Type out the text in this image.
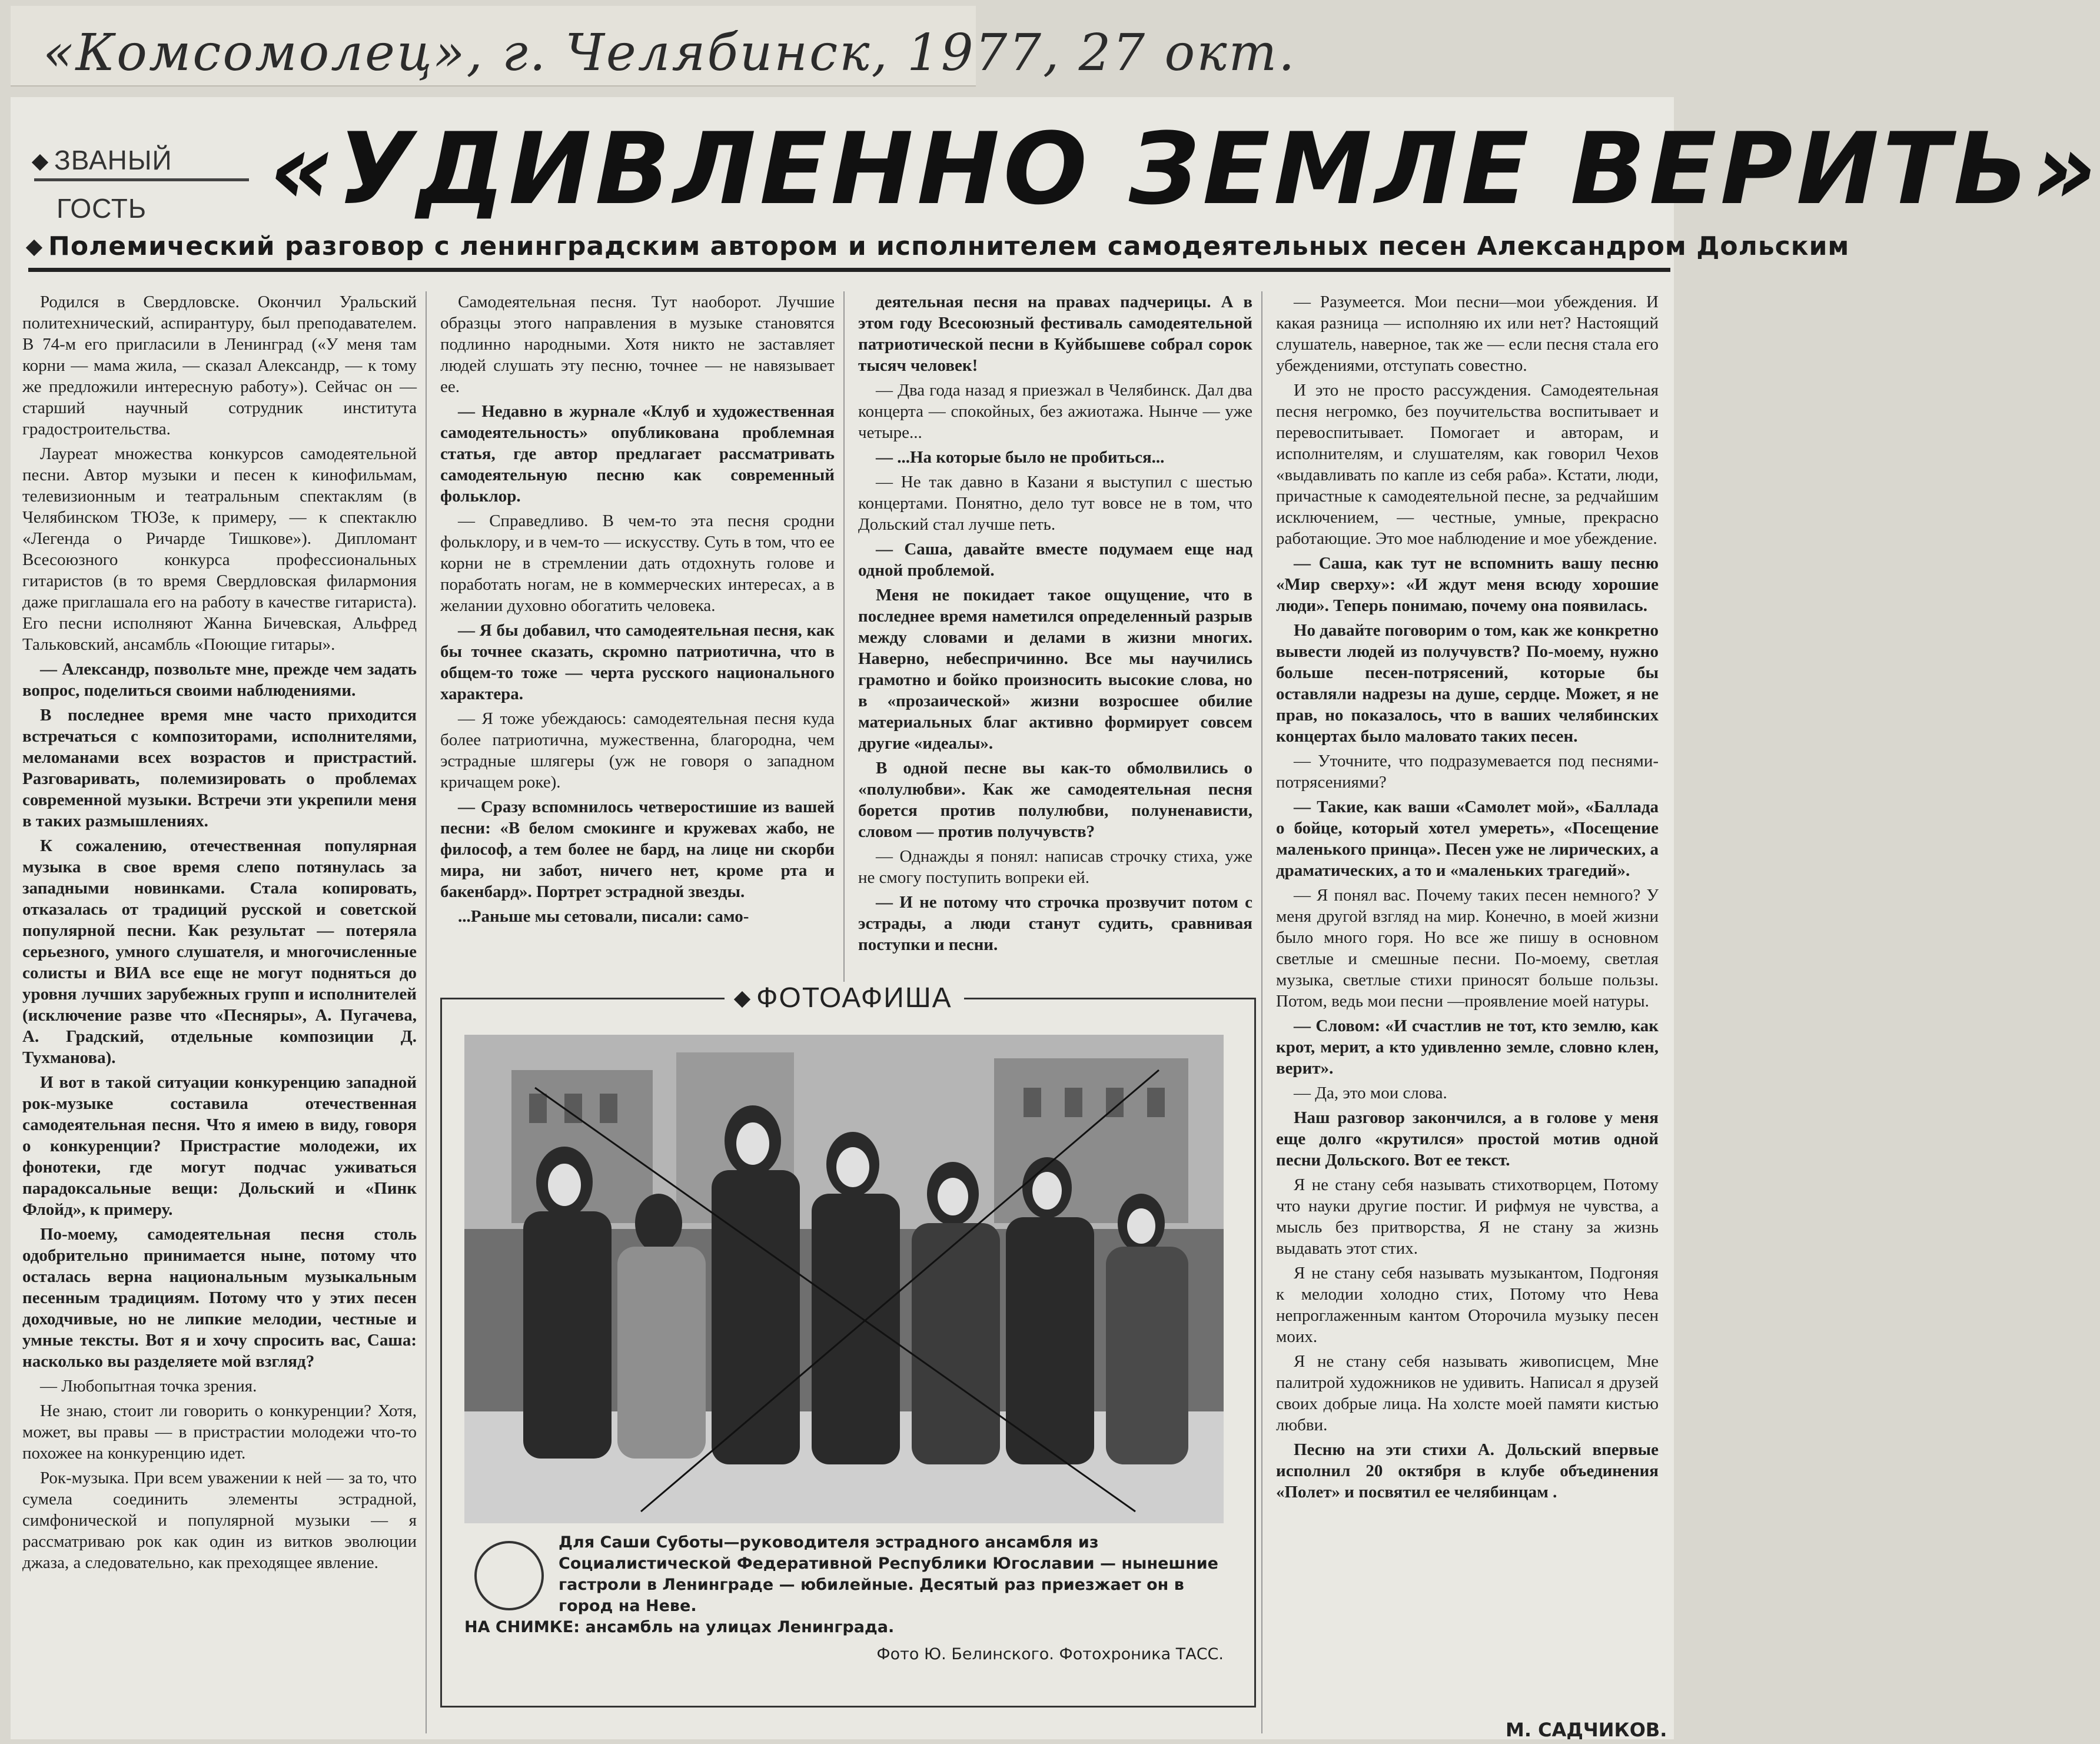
«Комсомолец», г. Челябинск, 1977, 27 окт.
ЗВАНЫЙ
ГОСТЬ «УДИВЛЕННО ЗЕМЛЕ ВЕРИТЬ»
Полемический разговор с ленинградским автором и исполнителем самодеятельных песен Александром Дольским

Родился в Свердловске. Окончил Уральский политехнический, аспирантуру, был преподавателем. В 74-м его пригласили в Ленинград («У меня там корни — мама жила, — сказал Александр, — к тому же предложили интересную работу»). Сейчас он — старший научный сотрудник института градостроительства.

Лауреат множества конкурсов самодеятельной песни. Автор музыки и песен к кинофильмам, телевизионным и театральным спектаклям (в Челябинском ТЮЗе, к примеру, — к спектаклю «Легенда о Ричарде Тишкове»). Дипломант Всесоюзного конкурса профессиональных гитаристов (в то время Свердловская филармония даже приглашала его на работу в качестве гитариста). Его песни исполняют Жанна Бичевская, Альфред Тальковский, ансамбль «Поющие гитары».

— Александр, позвольте мне, прежде чем задать вопрос, поделиться своими наблюдениями.

В последнее время мне часто приходится встречаться с композиторами, исполнителями, меломанами всех возрастов и пристрастий. Разговаривать, полемизировать о проблемах современной музыки. Встречи эти укрепили меня в таких размышлениях.

К сожалению, отечественная популярная музыка в свое время слепо потянулась за западными новинками. Стала копировать, отказалась от традиций русской и советской популярной песни. Как результат — потеряла серьезного, умного слушателя, и многочисленные солисты и ВИА все еще не могут подняться до уровня лучших зарубежных групп и исполнителей (исключение разве что «Песняры», А. Пугачева, А. Градский, отдельные композиции Д. Тухманова).

И вот в такой ситуации конкуренцию западной рок-музыке составила отечественная самодеятельная песня. Что я имею в виду, говоря о конкуренции? Пристрастие молодежи, их фонотеки, где могут подчас уживаться парадоксальные вещи: Дольский и «Пинк Флойд», к примеру.

По-моему, самодеятельная песня столь одобрительно принимается ныне, потому что осталась верна национальным музыкальным песенным традициям. Потому что у этих песен доходчивые, но не липкие мелодии, честные и умные тексты. Вот я и хочу спросить вас, Саша: насколько вы разделяете мой взгляд?

— Любопытная точка зрения.

Не знаю, стоит ли говорить о конкуренции? Хотя, может, вы правы — в пристрастии молодежи что-то похожее на конкуренцию идет.

Рок-музыка. При всем уважении к ней — за то, что сумела соединить элементы эстрадной, симфонической и популярной музыки — я рассматриваю рок как один из витков эволюции джаза, а следовательно, как преходящее явление.

Самодеятельная песня. Тут наоборот. Лучшие образцы этого направления в музыке становятся подлинно народными. Хотя никто не заставляет людей слушать эту песню, точнее — не навязывает ее.

— Недавно в журнале «Клуб и художественная самодеятельность» опубликована проблемная статья, где автор предлагает рассматривать самодеятельную песню как современный фольклор.

— Справедливо. В чем-то эта песня сродни фольклору, и в чем-то — искусству. Суть в том, что ее корни не в стремлении дать отдохнуть голове и поработать ногам, не в коммерческих интересах, а в желании духовно обогатить человека.

— Я бы добавил, что самодеятельная песня, как бы точнее сказать, скромно патриотична, что в общем-то тоже — черта русского национального характера.

— Я тоже убеждаюсь: самодеятельная песня куда более патриотична, мужественна, благородна, чем эстрадные шлягеры (уж не говоря о западном кричащем роке).

— Сразу вспомнилось четверостишие из вашей песни: «В белом смокинге и кружевах жабо, не философ, а тем более не бард, на лице ни скорби мира, ни забот, ничего нет, кроме рта и бакенбард». Портрет эстрадной звезды.

...Раньше мы сетовали, писали: само-

деятельная песня на правах падчерицы. А в этом году Всесоюзный фестиваль самодеятельной патриотической песни в Куйбышеве собрал сорок тысяч человек!

— Два года назад я приезжал в Челябинск. Дал два концерта — спокойных, без ажиотажа. Нынче — уже четыре...

— ...На которые было не пробиться...

— Не так давно в Казани я выступил с шестью концертами. Понятно, дело тут вовсе не в том, что Дольский стал лучше петь.

— Саша, давайте вместе подумаем еще над одной проблемой.

Меня не покидает такое ощущение, что в последнее время наметился определенный разрыв между словами и делами в жизни многих. Наверно, небеспричинно. Все мы научились грамотно и бойко произносить высокие слова, но в «прозаической» жизни возросшее обилие материальных благ активно формирует совсем другие «идеалы».

В одной песне вы как-то обмолвились о «полулюбви». Как же самодеятельная песня борется против полулюбви, полуненависти, словом — против получувств?

— Однажды я понял: написав строчку стиха, уже не смогу поступить вопреки ей.

— И не потому что строчка прозвучит потом с эстрады, а люди станут судить, сравнивая поступки и песни.

— Разумеется. Мои песни—мои убеждения. И какая разница — исполняю их или нет? Настоящий слушатель, наверное, так же — если песня стала его убеждениями, отступать совестно.

И это не просто рассуждения. Самодеятельная песня негромко, без поучительства воспитывает и перевоспитывает. Помогает и авторам, и исполнителям, и слушателям, как говорил Чехов «выдавливать по капле из себя раба». Кстати, люди, причастные к самодеятельной песне, за редчайшим исключением, — честные, умные, прекрасно работающие. Это мое наблюдение и мое убеждение.

— Саша, как тут не вспомнить вашу песню «Мир сверху»: «И ждут меня всюду хорошие люди». Теперь понимаю, почему она появилась.

Но давайте поговорим о том, как же конкретно вывести людей из получувств? По-моему, нужно больше песен-потрясений, которые бы оставляли надрезы на душе, сердце. Может, я не прав, но показалось, что в ваших челябинских концертах было маловато таких песен.

— Уточните, что подразумевается под песнями-потрясениями?

— Такие, как ваши «Самолет мой», «Баллада о бойце, который хотел умереть», «Посещение маленького принца». Песен уже не лирических, а драматических, а то и «маленьких трагедий».

— Я понял вас. Почему таких песен немного? У меня другой взгляд на мир. Конечно, в моей жизни было много горя. Но все же пишу в основном светлые и смешные песни. По-моему, светлая музыка, светлые стихи приносят больше пользы. Потом, ведь мои песни —проявление моей натуры.

— Словом: «И счастлив не тот, кто землю, как крот, мерит, а кто удивленно земле, словно клен, верит».

— Да, это мои слова.

Наш разговор закончился, а в голове у меня еще долго «крутился» простой мотив одной песни Дольского. Вот ее текст.

Я не стану себя называть стихотворцем, Потому что науки другие постиг. И рифмуя не чувства, а мысль без притворства, Я не стану за жизнь выдавать этот стих.

Я не стану себя называть музыкантом, Подгоняя к мелодии холодно стих, Потому что Нева непроглаженным кантом Оторочила музыку песен моих.

Я не стану себя называть живописцем, Мне палитрой художников не удивить. Написал я друзей своих добрые лица. На холсте моей памяти кистью любви.

Песню на эти стихи А. Дольский впервые исполнил 20 октября в клубе объединения «Полет» и посвятил ее челябинцам .

ФОТОАФИША
Для Саши Суботы—руководителя эстрадного ансамбля из Социалистической Федеративной Республики Югославии — нынешние гастроли в Ленинграде — юбилейные. Десятый раз приезжает он в город на Неве.
НА СНИМКЕ: ансамбль на улицах Ленинграда.
Фото Ю. Белинского. Фотохроника ТАСС.
М. САДЧИКОВ.
